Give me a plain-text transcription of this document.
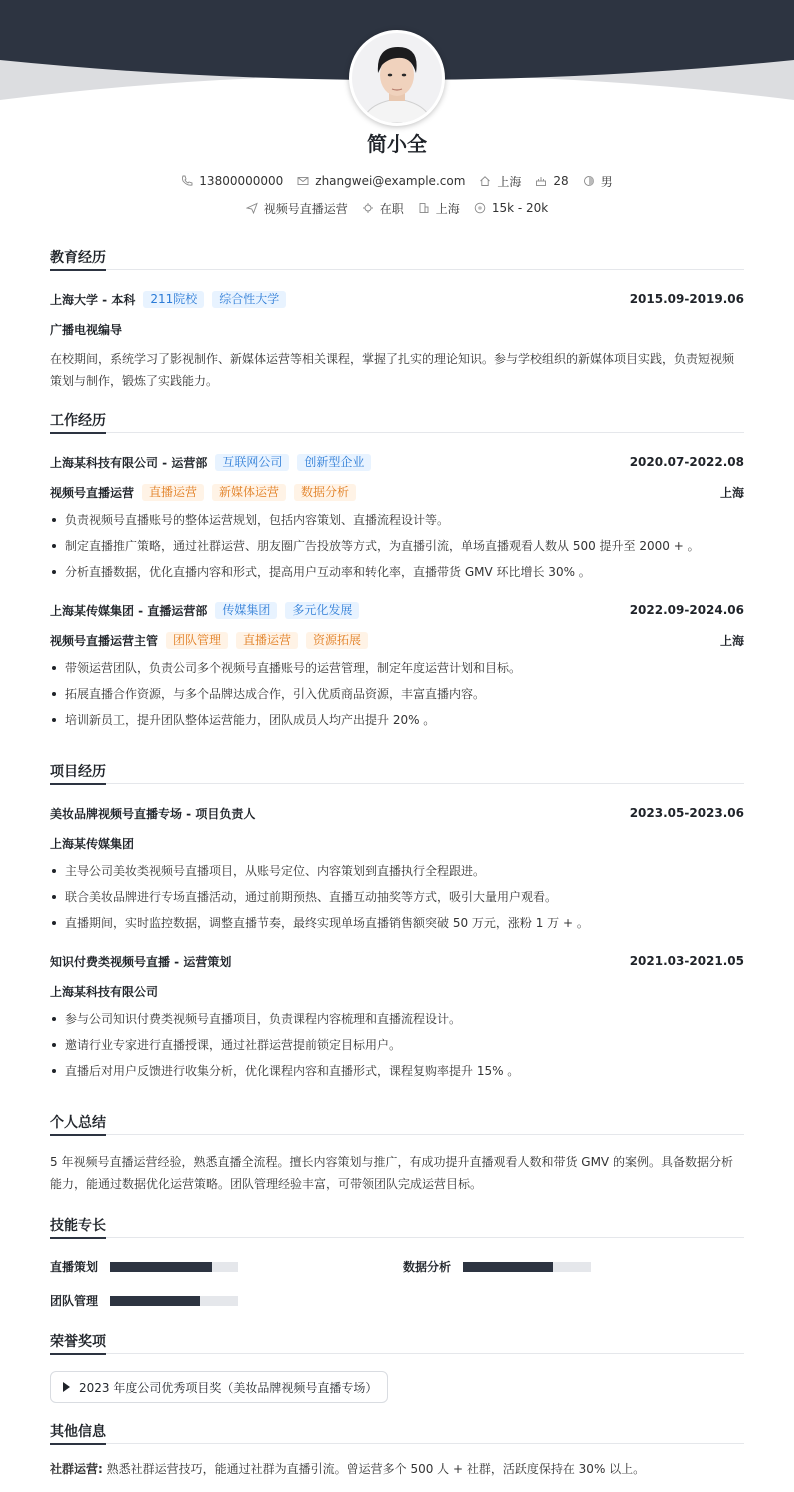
简小全
13800000000	zhangwei@example.com	上海	28	男
视频号直播运营	在职	上海	15k - 20k
教育经历
上海大学 - 本科	211院校	综合性大学	2015.09-2019.06
广播电视编导
在校期间，系统学习了影视制作、新媒体运营等相关课程，掌握了扎实的理论知识。参与学校组织的新媒体项目实践，负责短视频策划与制作，锻炼了实践能力。
工作经历
上海某科技有限公司 - 运营部	互联网公司	创新型企业	2020.07-2022.08
视频号直播运营	直播运营	新媒体运营	数据分析	上海
负责视频号直播账号的整体运营规划，包括内容策划、直播流程设计等。
制定直播推广策略，通过社群运营、朋友圈广告投放等方式，为直播引流，单场直播观看人数从 500 提升至 2000 + 。
分析直播数据，优化直播内容和形式，提高用户互动率和转化率，直播带货 GMV 环比增长 30% 。
上海某传媒集团 - 直播运营部	传媒集团	多元化发展	2022.09-2024.06
视频号直播运营主管	团队管理	直播运营	资源拓展	上海
带领运营团队，负责公司多个视频号直播账号的运营管理，制定年度运营计划和目标。
拓展直播合作资源，与多个品牌达成合作，引入优质商品资源，丰富直播内容。
培训新员工，提升团队整体运营能力，团队成员人均产出提升 20% 。
项目经历
美妆品牌视频号直播专场 - 项目负责人	2023.05-2023.06
上海某传媒集团
主导公司美妆类视频号直播项目，从账号定位、内容策划到直播执行全程跟进。
联合美妆品牌进行专场直播活动，通过前期预热、直播互动抽奖等方式，吸引大量用户观看。
直播期间，实时监控数据，调整直播节奏，最终实现单场直播销售额突破 50 万元，涨粉 1 万 + 。
知识付费类视频号直播 - 运营策划	2021.03-2021.05
上海某科技有限公司
参与公司知识付费类视频号直播项目，负责课程内容梳理和直播流程设计。
邀请行业专家进行直播授课，通过社群运营提前锁定目标用户。
直播后对用户反馈进行收集分析，优化课程内容和直播形式，课程复购率提升 15% 。
个人总结
5 年视频号直播运营经验，熟悉直播全流程。擅长内容策划与推广，有成功提升直播观看人数和带货 GMV 的案例。具备数据分析能力，能通过数据优化运营策略。团队管理经验丰富，可带领团队完成运营目标。
技能专长
直播策划	数据分析
团队管理
荣誉奖项
2023 年度公司优秀项目奖（美妆品牌视频号直播专场）
其他信息
社群运营: 熟悉社群运营技巧，能通过社群为直播引流。曾运营多个 500 人 + 社群，活跃度保持在 30% 以上。
